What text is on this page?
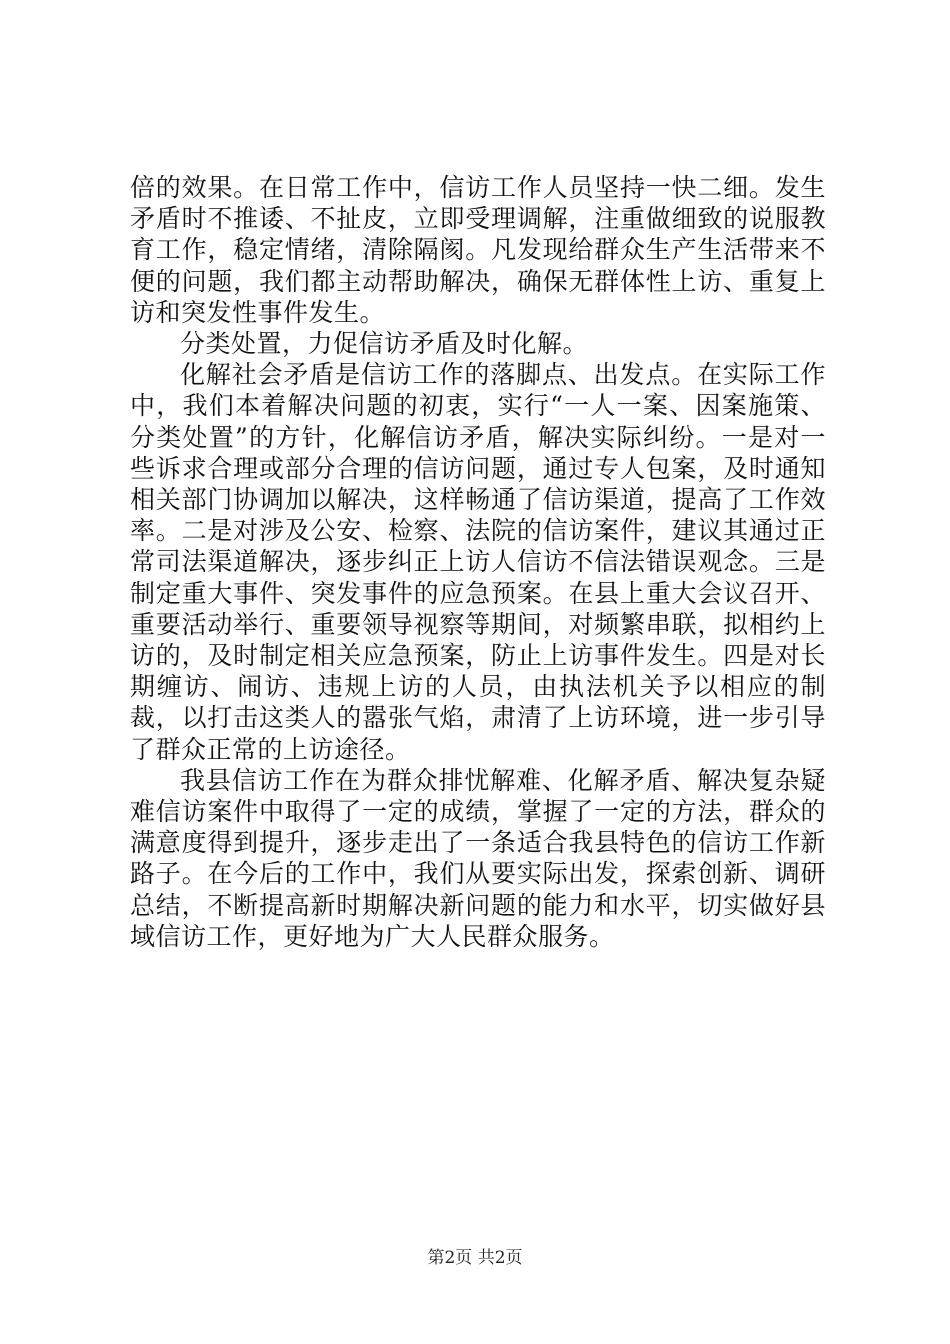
倍的效果。在日常工作中，信访工作人员坚持一快二细。发生矛盾时不推诿、不扯皮，立即受理调解，注重做细致的说服教育工作，稳定情绪，清除隔阂。凡发现给群众生产生活带来不便的问题，我们都主动帮助解决，确保无群体性上访、重复上访和突发性事件发生。

分类处置，力促信访矛盾及时化解。

化解社会矛盾是信访工作的落脚点、出发点。在实际工作中，我们本着解决问题的初衷，实行“一人一案、因案施策、分类处置”的方针，化解信访矛盾，解决实际纠纷。一是对一些诉求合理或部分合理的信访问题，通过专人包案，及时通知相关部门协调加以解决，这样畅通了信访渠道，提高了工作效率。二是对涉及公安、检察、法院的信访案件，建议其通过正常司法渠道解决，逐步纠正上访人信访不信法错误观念。三是制定重大事件、突发事件的应急预案。在县上重大会议召开、重要活动举行、重要领导视察等期间，对频繁串联，拟相约上访的，及时制定相关应急预案，防止上访事件发生。四是对长期缠访、闹访、违规上访的人员，由执法机关予以相应的制裁，以打击这类人的嚣张气焰，肃清了上访环境，进一步引导了群众正常的上访途径。

我县信访工作在为群众排忧解难、化解矛盾、解决复杂疑难信访案件中取得了一定的成绩，掌握了一定的方法，群众的满意度得到提升，逐步走出了一条适合我县特色的信访工作新路子。在今后的工作中，我们从要实际出发，探索创新、调研总结，不断提高新时期解决新问题的能力和水平，切实做好县域信访工作，更好地为广大人民群众服务。

第2页 共2页
